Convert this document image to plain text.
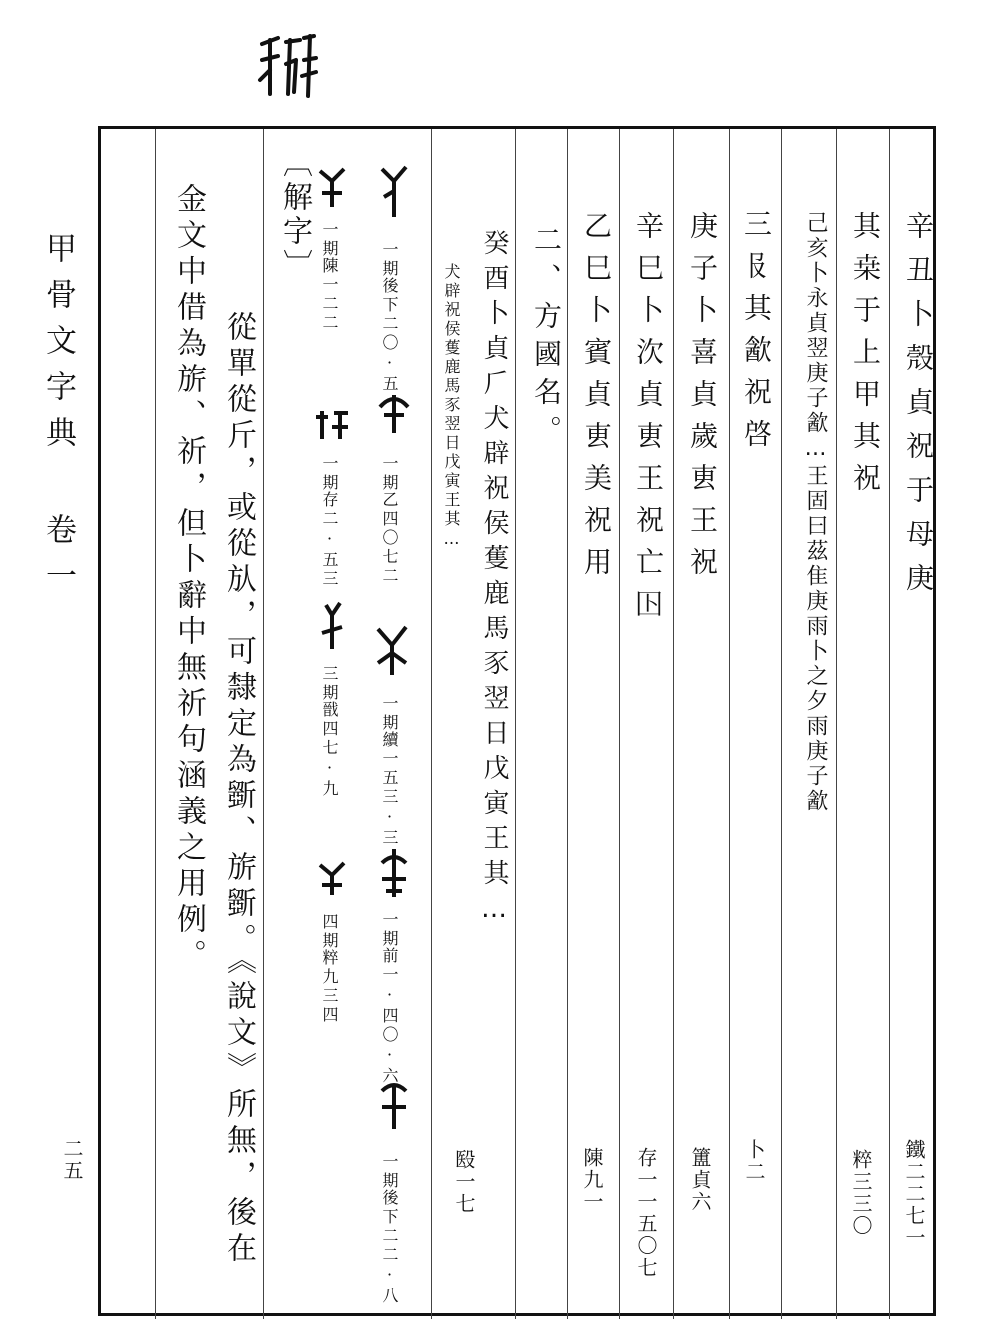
甲骨文字典 卷一
二五
辛丑卜殼貞祝于母庚
鐵二二七一
其桒于上甲其祝
粹三三〇
己亥卜永貞翌庚子㱃…王固曰茲隹庚雨卜之夕雨庚子㱃
三𠬝其㱃祝啓
卜二
庚子卜喜貞歲叀王祝
簠貞六
辛巳卜㳄貞叀王祝亡𡆥
存一一五〇七
乙巳卜賓貞叀美祝用
陳九一
二、方國名。
癸酉卜貞𠂆犬辟祝侯蒦鹿馬豕翌日戊寅王其…
犬辟祝侯蒦鹿馬豕翌日戊寅王其…
殹一七
一期
後下二〇·五
一期
乙四〇七二
一期
續一五三·三
一期
前一·四〇·六
一期
後下二二·八
一期
陳一二二
一期
存二·五三
三期
戩四七·九
四期
粹九三四
〔解字〕
從單從斤，或從㫃，可隸定為斵、旂斵。《說文》所無，後在
金文中借為旂、祈，但卜辭中無祈句涵義之用例。
